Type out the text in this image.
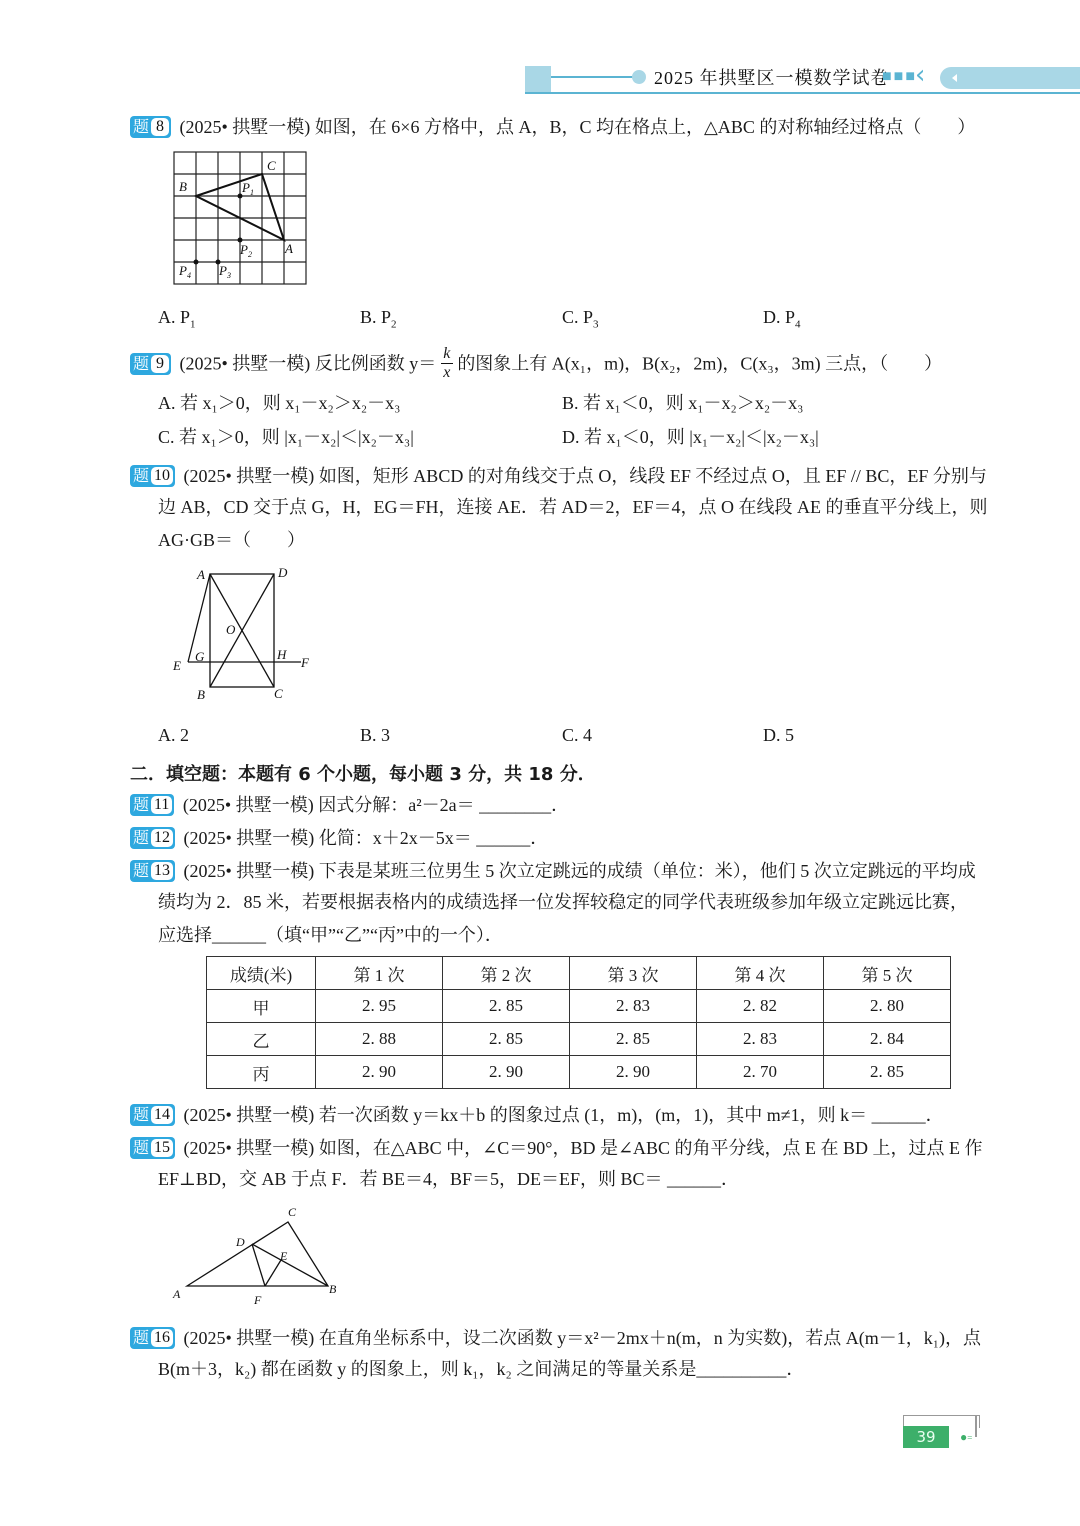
2025 年拱墅区一模数学试卷
■ ■ ■ ‹
题 8 (2025• 拱墅一模) 如图，在 6×6 方格中，点 A，B，C 均在格点上，△ABC 的对称轴经过格点（　　）
C
B	$P_1$
$P_2$	A
$P_4$ $P_3$
A. $P_1$	B. $P_2$	C. $P_3$	D. $P_4$
题 9 (2025• 拱墅一模) 反比例函数 $y= \frac{k}{x}$ 的图象上有 A(x₁，m)，B(x₂，2m)，C(x₃，3m) 三点，（　　）
A. 若 x₁＞0，则 x₁－x₂＞x₂－x₃	B. 若 x₁＜0，则 x₁－x₂＞x₂－x₃
C. 若 x₁＞0，则 |x₁－x₂|＜|x₂－x₃|	D. 若 x₁＜0，则 |x₁－x₂|＜|x₂－x₃|
题 10 (2025• 拱墅一模) 如图，矩形 ABCD 的对角线交于点 O，线段 EF 不经过点 O，且 EF // BC，EF 分别与
边 AB，CD 交于点 G，H，EG＝FH，连接 AE．若 AD＝2，EF＝4，点 O 在线段 AE 的垂直平分线上，则
AG·GB＝（　　）
A	D
O
E
G	H
F
B	C
A. 2	B. 3	C. 4	D. 5
二．填空题：本题有 6 个小题，每小题 3 分，共 18 分．
题 11 (2025• 拱墅一模) 因式分解：a²－2a＝ ________．
题 12 (2025• 拱墅一模) 化简：x＋2x－5x＝ ______．
题 13 (2025• 拱墅一模) 下表是某班三位男生 5 次立定跳远的成绩（单位：米），他们 5 次立定跳远的平均成
绩均为 2．85 米，若要根据表格内的成绩选择一位发挥较稳定的同学代表班级参加年级立定跳远比赛，
应选择______（填“甲”“乙”“丙”中的一个）．
成绩(米)	第 1 次	第 2 次	第 3 次	第 4 次	第 5 次
甲	2. 95	2. 85	2. 83	2. 82	2. 80
乙	2. 88	2. 85	2. 85	2. 83	2. 84
丙	2. 90	2. 90	2. 90	2. 70	2. 85
题 14 (2025• 拱墅一模) 若一次函数 y＝kx＋b 的图象过点 (1，m)，(m，1)，其中 m≠1，则 k＝ ______．
题 15 (2025• 拱墅一模) 如图，在△ABC 中，∠C＝90°，BD 是∠ABC 的角平分线，点 E 在 BD 上，过点 E 作
EF⊥BD，交 AB 于点 F．若 BE＝4，BF＝5，DE＝EF，则 BC＝ ______．
C
D
E
A	F
B
题 16 (2025• 拱墅一模) 在直角坐标系中，设二次函数 y＝x²－2mx＋n(m，n 为实数)，若点 A(m－1，k₁)，点
B(m＋3，k₂) 都在函数 y 的图象上，则 k₁，k₂ 之间满足的等量关系是__________．
39	●=
